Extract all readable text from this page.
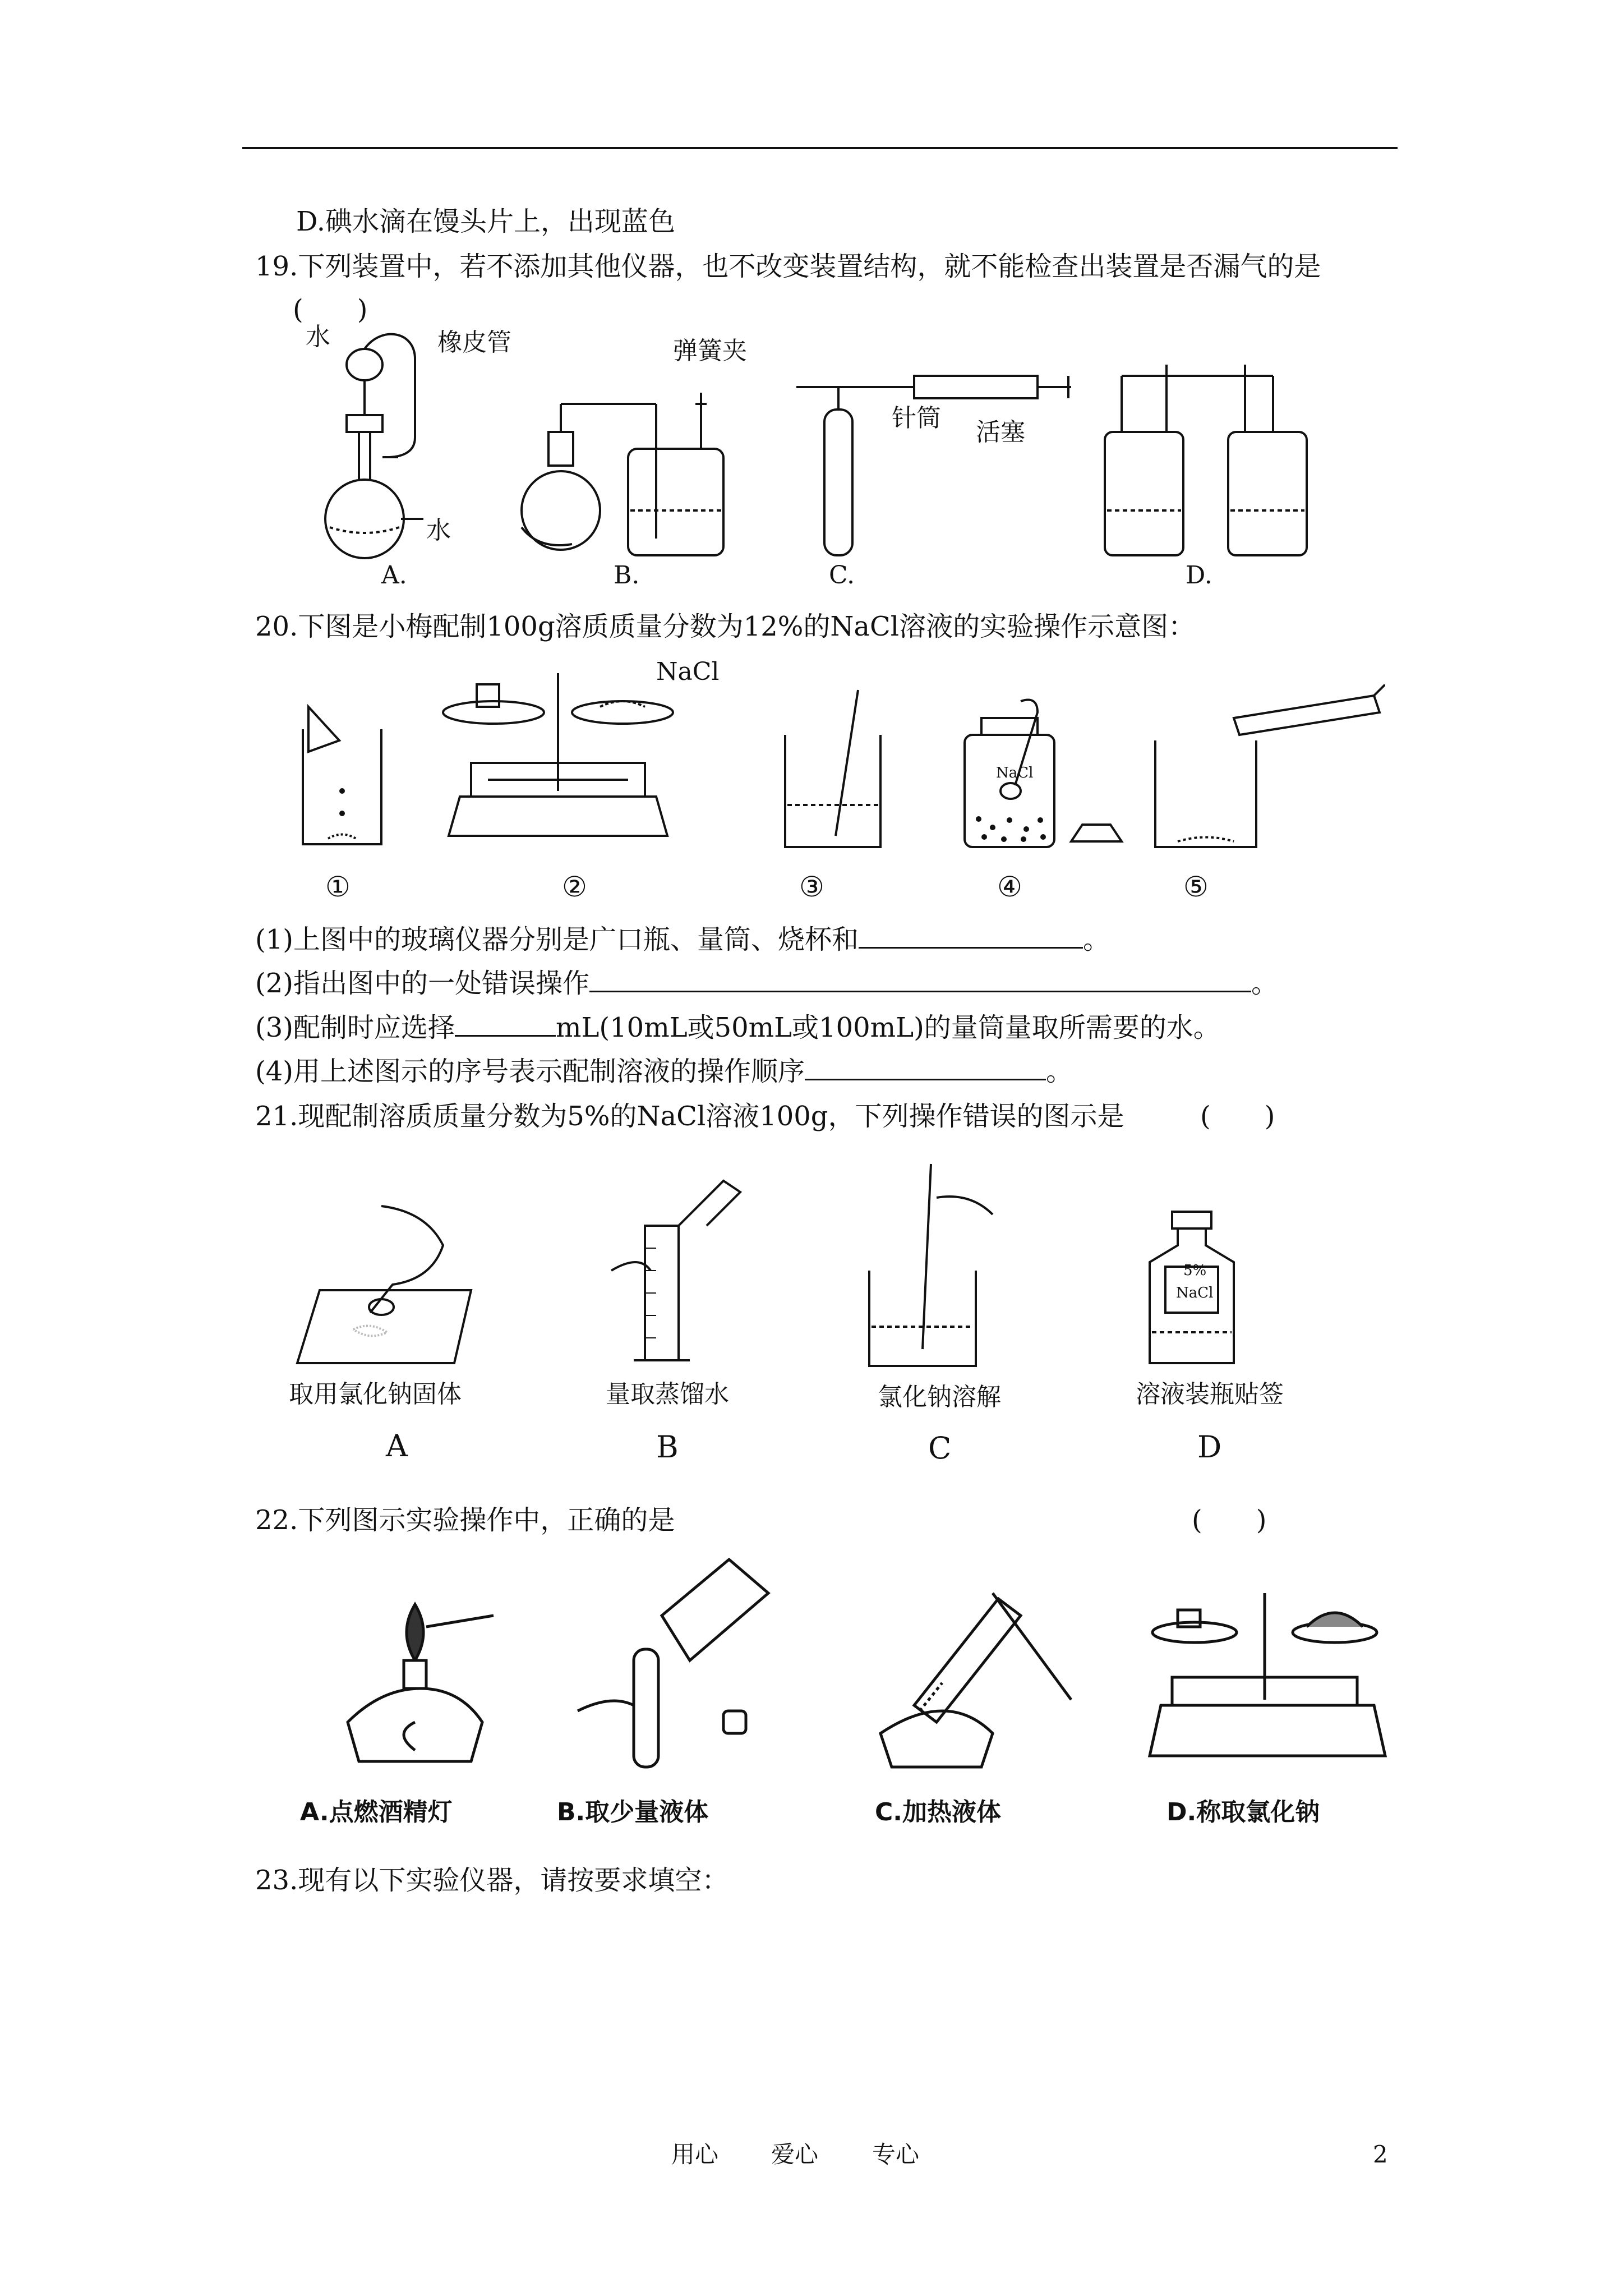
D.碘水滴在馒头片上，出现蓝色
19.下列装置中，若不添加其他仪器，也不改变装置结构，就不能检查出装置是否漏气的是
(　　)
水	橡皮管
水
弹簧夹
针筒 活塞
A.	B.	C.	D.
20.下图是小梅配制100g溶质质量分数为12%的NaCl溶液的实验操作示意图：
NaCl
NaCl
①	②	③	④	⑤
(1)上图中的玻璃仪器分别是广口瓶、量筒、烧杯和	。
(2)指出图中的一处错误操作	。
(3)配制时应选择	mL(10mL或50mL或100mL)的量筒量取所需要的水。
(4)用上述图示的序号表示配制溶液的操作顺序	。
21.现配制溶质质量分数为5%的NaCl溶液100g，下列操作错误的图示是	(　　)
5%
NaCl
取用氯化钠固体	量取蒸馏水	氯化钠溶解	溶液装瓶贴签
A	B	C	D
22.下列图示实验操作中，正确的是	(　　)
A.点燃酒精灯	B.取少量液体	C.加热液体	D.称取氯化钠
23.现有以下实验仪器，请按要求填空：
用心 爱心 专心	2
